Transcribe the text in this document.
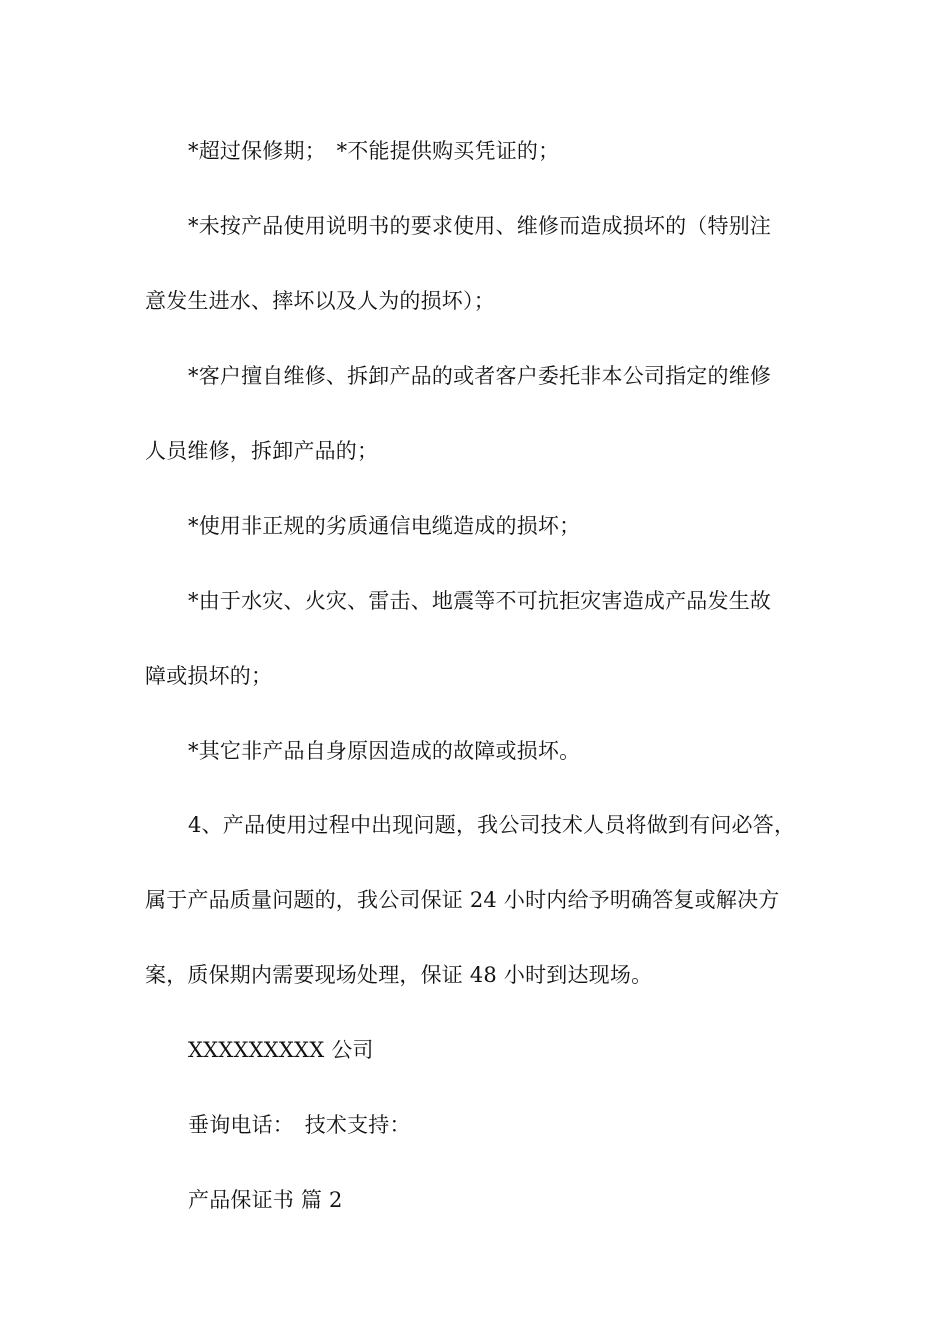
*超过保修期；　*不能提供购买凭证的；
*未按产品使用说明书的要求使用、维修而造成损坏的（特别注
意发生进水、摔坏以及人为的损坏）；
*客户擅自维修、拆卸产品的或者客户委托非本公司指定的维修
人员维修，拆卸产品的；
*使用非正规的劣质通信电缆造成的损坏；
*由于水灾、火灾、雷击、地震等不可抗拒灾害造成产品发生故
障或损坏的；
*其它非产品自身原因造成的故障或损坏。
4、产品使用过程中出现问题，我公司技术人员将做到有问必答，
属于产品质量问题的，我公司保证 24 小时内给予明确答复或解决方
案，质保期内需要现场处理，保证 48 小时到达现场。
XXXXXXXXX 公司
垂询电话：　技术支持：
产品保证书 篇 2
